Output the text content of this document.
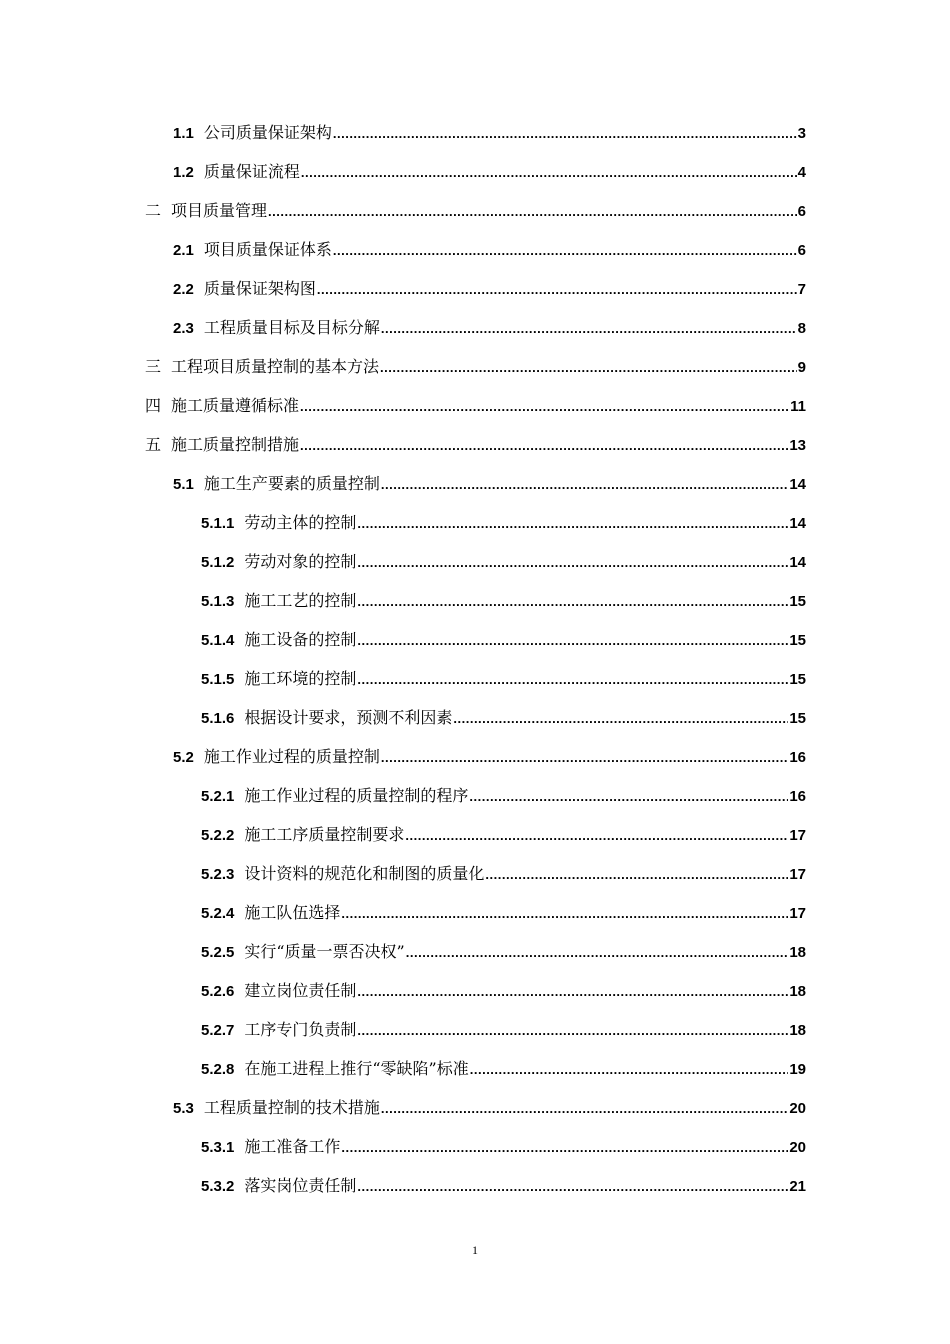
1.1 公司质量保证架构 .....	3
1.2 质量保证流程 .....	4
二 项目质量管理 .....	6
2.1 项目质量保证体系 .....	6
2.2 质量保证架构图 .....	7
2.3 工程质量目标及目标分解 .....	8
三 工程项目质量控制的基本方法 .....	9
四 施工质量遵循标准 .....	11
五 施工质量控制措施 .....	13
5.1 施工生产要素的质量控制 .....	14
5.1.1 劳动主体的控制 .....	14
5.1.2 劳动对象的控制 .....	14
5.1.3 施工工艺的控制 .....	15
5.1.4 施工设备的控制 .....	15
5.1.5 施工环境的控制 .....	15
5.1.6 根据设计要求，预测不利因素 .....	15
5.2 施工作业过程的质量控制 .....	16
5.2.1 施工作业过程的质量控制的程序 .....	16
5.2.2 施工工序质量控制要求 .....	17
5.2.3 设计资料的规范化和制图的质量化 .....	17
5.2.4 施工队伍选择 .....	17
5.2.5 实行“质量一票否决权” .....	18
5.2.6 建立岗位责任制 .....	18
5.2.7 工序专门负责制 .....	18
5.2.8 在施工进程上推行“零缺陷”标准 .....	19
5.3 工程质量控制的技术措施 .....	20
5.3.1 施工准备工作 .....	20
5.3.2 落实岗位责任制 .....	21
1
